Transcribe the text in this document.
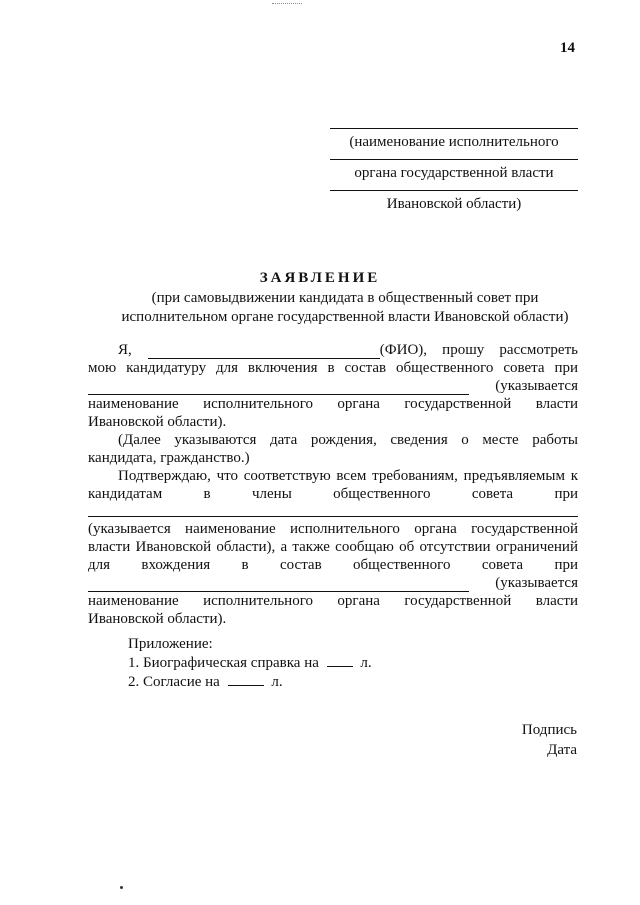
14
(наименование исполнительного
органа государственной власти
Ивановской области)
ЗАЯВЛЕНИЕ
(при самовыдвижении кандидата в общественный совет при исполнительном органе государственной власти Ивановской области)
Я,	(ФИО), прошу рассмотреть

мою кандидатуру для включения в состав общественного совета при

(указывается

наименование исполнительного органа государственной власти

Ивановской области).

(Далее указываются дата рождения, сведения о месте работы

кандидата, гражданство.)

Подтверждаю, что соответствую всем требованиям, предъявляемым к

кандидатам в члены общественного совета при

(указывается наименование исполнительного органа государственной

власти Ивановской области), а также сообщаю об отсутствии ограничений

для вхождения в состав общественного совета при

(указывается

наименование исполнительного органа государственной власти

Ивановской области).

Приложение:
1. Биографическая справка на	л.
2. Согласие на	л.
Подпись
Дата
